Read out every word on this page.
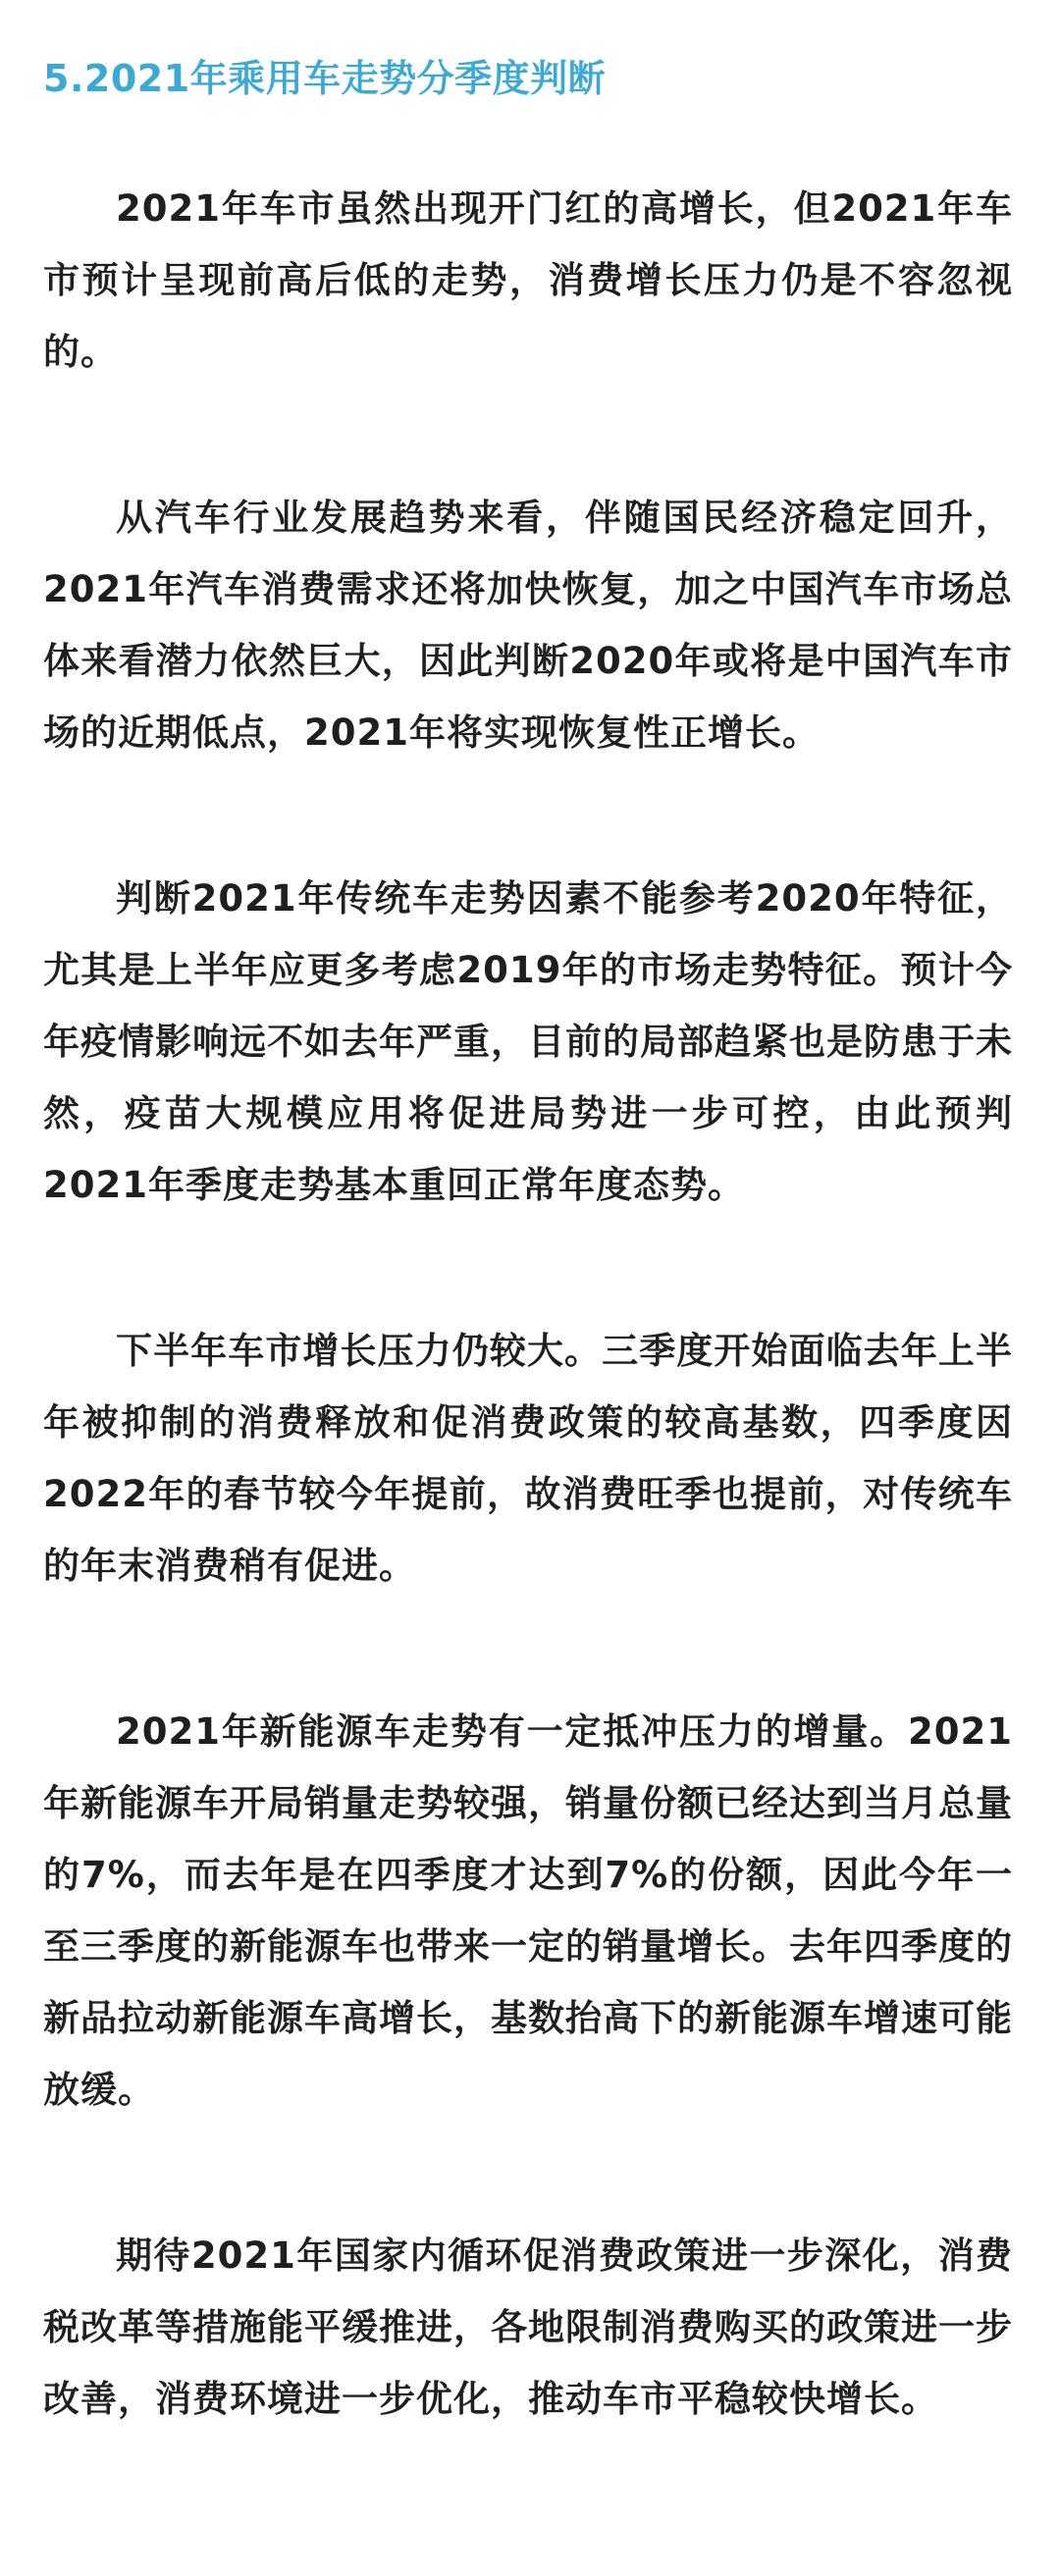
5.2021年乘用车走势分季度判断

2021年车市虽然出现开门红的高增长，但2021年车市预计呈现前高后低的走势，消费增长压力仍是不容忽视的。

从汽车行业发展趋势来看，伴随国民经济稳定回升，2021年汽车消费需求还将加快恢复，加之中国汽车市场总体来看潜力依然巨大，因此判断2020年或将是中国汽车市场的近期低点，2021年将实现恢复性正增长。

判断2021年传统车走势因素不能参考2020年特征，尤其是上半年应更多考虑2019年的市场走势特征。预计今年疫情影响远不如去年严重，目前的局部趋紧也是防患于未然，疫苗大规模应用将促进局势进一步可控，由此预判2021年季度走势基本重回正常年度态势。

下半年车市增长压力仍较大。三季度开始面临去年上半年被抑制的消费释放和促消费政策的较高基数，四季度因2022年的春节较今年提前，故消费旺季也提前，对传统车的年末消费稍有促进。

2021年新能源车走势有一定抵冲压力的增量。2021年新能源车开局销量走势较强，销量份额已经达到当月总量的7%，而去年是在四季度才达到7%的份额，因此今年一至三季度的新能源车也带来一定的销量增长。去年四季度的新品拉动新能源车高增长，基数抬高下的新能源车增速可能放缓。

期待2021年国家内循环促消费政策进一步深化，消费税改革等措施能平缓推进，各地限制消费购买的政策进一步改善，消费环境进一步优化，推动车市平稳较快增长。
